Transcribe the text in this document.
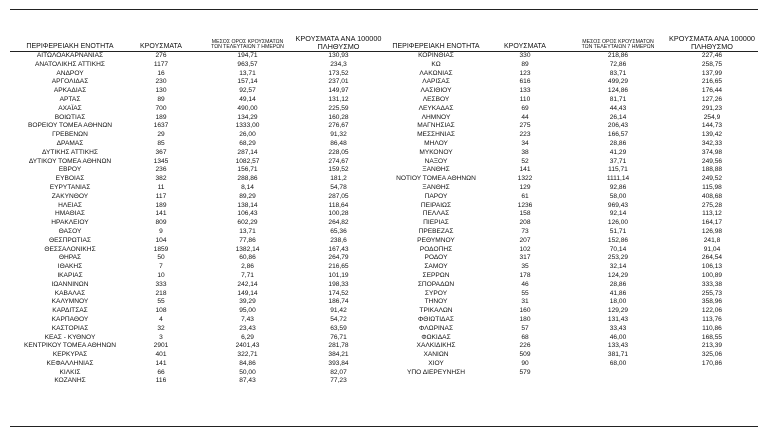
ΠΕΡΙΦΕΡΕΙΑΚΗ ΕΝΟΤΗΤΑ	ΚΡΟΥΣΜΑΤΑ
ΜΕΣΟΣ ΟΡΟΣ ΚΡΟΥΣΜΑΤΩΝ
ΤΩΝ ΤΕΛΕΥΤΑΙΩΝ 7 ΗΜΕΡΩΝ
ΚΡΟΥΣΜΑΤΑ ΑΝΑ 100000
ΠΛΗΘΥΣΜΟ
ΑΙΤΩΛΟΑΚΑΡΝΑΝΙΑΣ	276	194,71	130,93
ΑΝΑΤΟΛΙΚΗΣ ΑΤΤΙΚΗΣ	1177	963,57	234,3
ΑΝΔΡΟΥ	16	13,71	173,52
ΑΡΓΟΛΙΔΑΣ	230	157,14	237,01
ΑΡΚΑΔΙΑΣ	130	92,57	149,97
ΑΡΤΑΣ	89	49,14	131,12
ΑΧΑΪΑΣ	700	490,00	225,59
ΒΟΙΩΤΙΑΣ	189	134,29	160,28
ΒΟΡΕΙΟΥ ΤΟΜΕΑ ΑΘΗΝΩΝ	1637	1333,00	276,67
ΓΡΕΒΕΝΩΝ	29	26,00	91,32
ΔΡΑΜΑΣ	85	68,29	86,48
ΔΥΤΙΚΗΣ ΑΤΤΙΚΗΣ	367	287,14	228,05
ΔΥΤΙΚΟΥ ΤΟΜΕΑ ΑΘΗΝΩΝ	1345	1082,57	274,67
ΕΒΡΟΥ	236	156,71	159,52
ΕΥΒΟΙΑΣ	382	288,86	181,2
ΕΥΡΥΤΑΝΙΑΣ	11	8,14	54,78
ΖΑΚΥΝΘΟΥ	117	89,29	287,05
ΗΛΕΙΑΣ	189	138,14	118,64
ΗΜΑΘΙΑΣ	141	106,43	100,28
ΗΡΑΚΛΕΙΟΥ	809	602,29	264,82
ΘΑΣΟΥ	9	13,71	65,36
ΘΕΣΠΡΩΤΙΑΣ	104	77,86	238,6
ΘΕΣΣΑΛΟΝΙΚΗΣ	1859	1382,14	167,43
ΘΗΡΑΣ	50	60,86	264,79
ΙΘΑΚΗΣ	7	2,86	216,65
ΙΚΑΡΙΑΣ	10	7,71	101,19
ΙΩΑΝΝΙΝΩΝ	333	242,14	198,33
ΚΑΒΑΛΑΣ	218	149,14	174,52
ΚΑΛΥΜΝΟΥ	55	39,29	186,74
ΚΑΡΔΙΤΣΑΣ	108	95,00	91,42
ΚΑΡΠΑΘΟΥ	4	7,43	54,72
ΚΑΣΤΟΡΙΑΣ	32	23,43	63,59
ΚΕΑΣ - ΚΥΘΝΟΥ	3	6,29	76,71
ΚΕΝΤΡΙΚΟΥ ΤΟΜΕΑ ΑΘΗΝΩΝ	2901	2401,43	281,78
ΚΕΡΚΥΡΑΣ	401	322,71	384,21
ΚΕΦΑΛΛΗΝΙΑΣ	141	84,86	393,84
ΚΙΛΚΙΣ	66	50,00	82,07
ΚΟΖΑΝΗΣ	116	87,43	77,23
ΠΕΡΙΦΕΡΕΙΑΚΗ ΕΝΟΤΗΤΑ	ΚΡΟΥΣΜΑΤΑ
ΜΕΣΟΣ ΟΡΟΣ ΚΡΟΥΣΜΑΤΩΝ
ΤΩΝ ΤΕΛΕΥΤΑΙΩΝ 7 ΗΜΕΡΩΝ
ΚΡΟΥΣΜΑΤΑ ΑΝΑ 100000
ΠΛΗΘΥΣΜΟ
ΚΟΡΙΝΘΙΑΣ	330	218,86	227,46
ΚΩ	89	72,86	258,75
ΛΑΚΩΝΙΑΣ	123	83,71	137,99
ΛΑΡΙΣΑΣ	616	499,29	216,65
ΛΑΣΙΘΙΟΥ	133	124,86	176,44
ΛΕΣΒΟΥ	110	81,71	127,26
ΛΕΥΚΑΔΑΣ	69	44,43	291,23
ΛΗΜΝΟΥ	44	26,14	254,9
ΜΑΓΝΗΣΙΑΣ	275	206,43	144,73
ΜΕΣΣΗΝΙΑΣ	223	166,57	139,42
ΜΗΛΟΥ	34	28,86	342,33
ΜΥΚΟΝΟΥ	38	41,29	374,98
ΝΑΞΟΥ	52	37,71	249,56
ΞΑΝΘΗΣ	141	115,71	188,88
ΝΟΤΙΟΥ ΤΟΜΕΑ ΑΘΗΝΩΝ	1322	1111,14	249,52
ΞΑΝΘΗΣ	129	92,86	115,98
ΠΑΡΟΥ	61	58,00	408,68
ΠΕΙΡΑΙΩΣ	1236	969,43	275,28
ΠΕΛΛΑΣ	158	92,14	113,12
ΠΙΕΡΙΑΣ	208	126,00	164,17
ΠΡΕΒΕΖΑΣ	73	51,71	126,98
ΡΕΘΥΜΝΟΥ	207	152,86	241,8
ΡΟΔΟΠΗΣ	102	70,14	91,04
ΡΟΔΟΥ	317	253,29	264,54
ΣΑΜΟΥ	35	32,14	106,13
ΣΕΡΡΩΝ	178	124,29	100,89
ΣΠΟΡΑΔΩΝ	46	28,86	333,38
ΣΥΡΟΥ	55	41,86	255,73
ΤΗΝΟΥ	31	18,00	358,96
ΤΡΙΚΑΛΩΝ	160	129,29	122,06
ΦΘΙΩΤΙΔΑΣ	180	131,43	113,76
ΦΛΩΡΙΝΑΣ	57	33,43	110,86
ΦΩΚΙΔΑΣ	68	46,00	168,55
ΧΑΛΚΙΔΙΚΗΣ	226	133,43	213,39
ΧΑΝΙΩΝ	509	381,71	325,06
ΧΙΟΥ	90	68,00	170,86
ΥΠΟ ΔΙΕΡΕΥΝΗΣΗ	579
